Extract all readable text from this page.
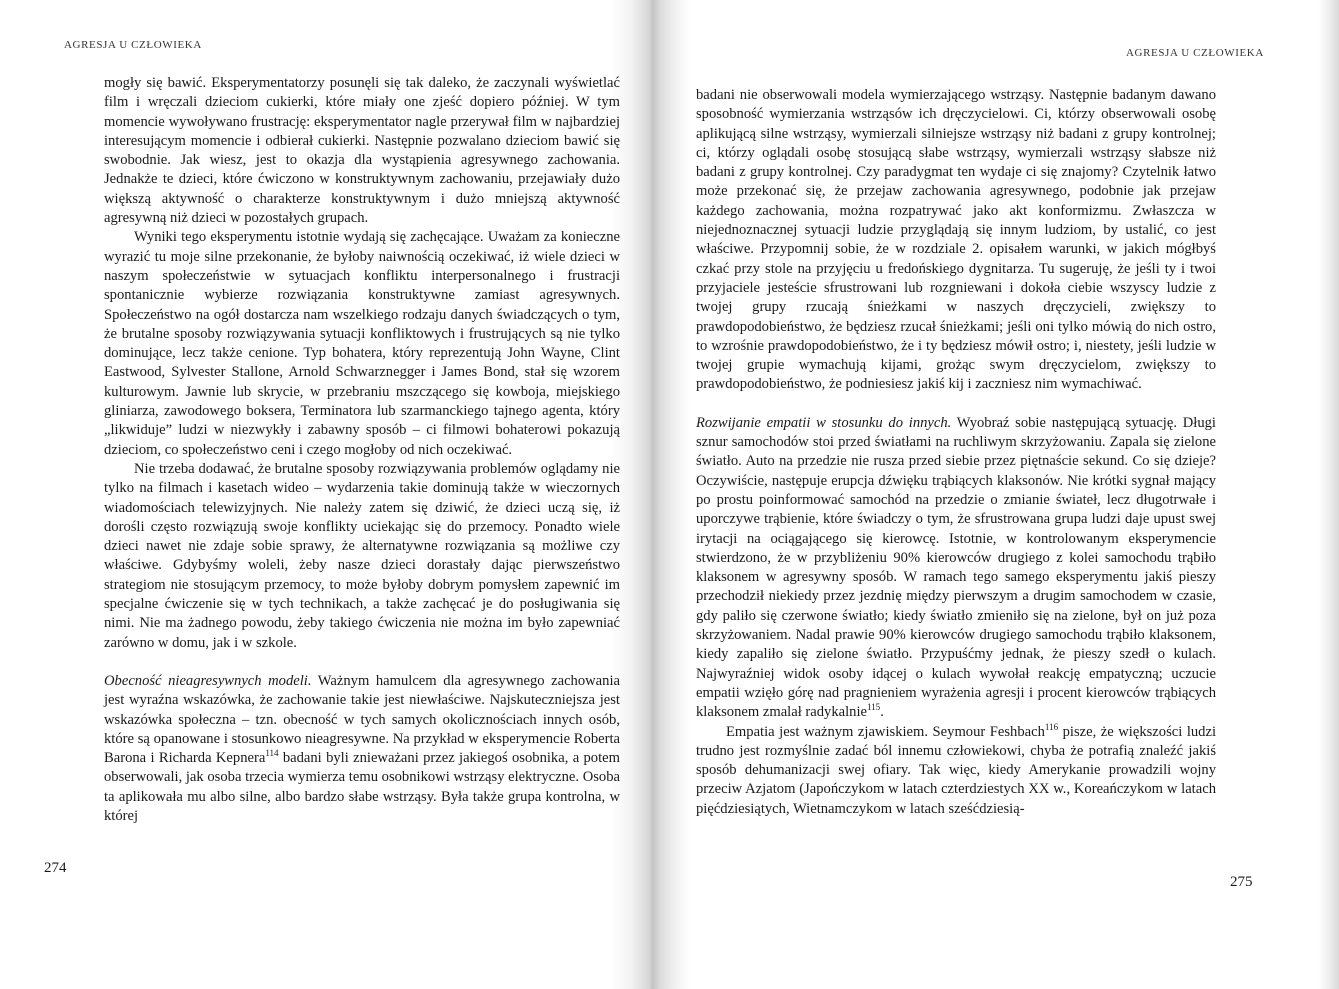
AGRESJA U CZŁOWIEKA

mogły się bawić. Eksperymentatorzy posunęli się tak daleko, że zaczynali wyświetlać film i wręczali dzieciom cukierki, które miały one zjeść dopiero później. W tym momencie wywoływano frustrację: eksperymentator nagle przerywał film w najbardziej interesującym momencie i odbierał cukierki. Następnie pozwalano dzieciom bawić się swobodnie. Jak wiesz, jest to okazja dla wystąpienia agresywnego zachowania. Jednakże te dzieci, które ćwiczono w konstruktywnym zachowaniu, przejawiały dużo większą aktywność o charakterze konstruktywnym i dużo mniejszą aktywność agresywną niż dzieci w pozostałych grupach.

Wyniki tego eksperymentu istotnie wydają się zachęcające. Uważam za konieczne wyrazić tu moje silne przekonanie, że byłoby naiwnością oczekiwać, iż wiele dzieci w naszym społeczeństwie w sytuacjach konfliktu interpersonalnego i frustracji spontanicznie wybierze rozwiązania konstruktywne zamiast agresywnych. Społeczeństwo na ogół dostarcza nam wszelkiego rodzaju danych świadczących o tym, że brutalne sposoby rozwiązywania sytuacji konfliktowych i frustrujących są nie tylko dominujące, lecz także cenione. Typ bohatera, który reprezentują John Wayne, Clint Eastwood, Sylvester Stallone, Arnold Schwarznegger i James Bond, stał się wzorem kulturowym. Jawnie lub skrycie, w przebraniu mszczącego się kowboja, miejskiego gliniarza, zawodowego boksera, Terminatora lub szarmanckiego tajnego agenta, który „likwiduje” ludzi w niezwykły i zabawny sposób – ci filmowi bohaterowi pokazują dzieciom, co społeczeństwo ceni i czego mogłoby od nich oczekiwać.

Nie trzeba dodawać, że brutalne sposoby rozwiązywania problemów oglądamy nie tylko na filmach i kasetach wideo – wydarzenia takie dominują także w wieczornych wiadomościach telewizyjnych. Nie należy zatem się dziwić, że dzieci uczą się, iż dorośli często rozwiązują swoje konflikty uciekając się do przemocy. Ponadto wiele dzieci nawet nie zdaje sobie sprawy, że alternatywne rozwiązania są możliwe czy właściwe. Gdybyśmy woleli, żeby nasze dzieci dorastały dając pierwszeństwo strategiom nie stosującym przemocy, to może byłoby dobrym pomysłem zapewnić im specjalne ćwiczenie się w tych technikach, a także zachęcać je do posługiwania się nimi. Nie ma żadnego powodu, żeby takiego ćwiczenia nie można im było zapewniać zarówno w domu, jak i w szkole.

Obecność nieagresywnych modeli. Ważnym hamulcem dla agresywnego zachowania jest wyraźna wskazówka, że zachowanie takie jest niewłaściwe. Najskuteczniejsza jest wskazówka społeczna – tzn. obecność w tych samych okolicznościach innych osób, które są opanowane i stosunkowo nieagresywne. Na przykład w eksperymencie Roberta Barona i Richarda Kepnera$^{114}$ badani byli znieważani przez jakiegoś osobnika, a potem obserwowali, jak osoba trzecia wymierza temu osobnikowi wstrząsy elektryczne. Osoba ta aplikowała mu albo silne, albo bardzo słabe wstrząsy. Była także grupa kontrolna, w której

274
AGRESJA U CZŁOWIEKA

badani nie obserwowali modela wymierzającego wstrząsy. Następnie badanym dawano sposobność wymierzania wstrząsów ich dręczycielowi. Ci, którzy obserwowali osobę aplikującą silne wstrząsy, wymierzali silniejsze wstrząsy niż badani z grupy kontrolnej; ci, którzy oglądali osobę stosującą słabe wstrząsy, wymierzali wstrząsy słabsze niż badani z grupy kontrolnej. Czy paradygmat ten wydaje ci się znajomy? Czytelnik łatwo może przekonać się, że przejaw zachowania agresywnego, podobnie jak przejaw każdego zachowania, można rozpatrywać jako akt konformizmu. Zwłaszcza w niejednoznacznej sytuacji ludzie przyglądają się innym ludziom, by ustalić, co jest właściwe. Przypomnij sobie, że w rozdziale 2. opisałem warunki, w jakich mógłbyś czkać przy stole na przyjęciu u fredońskiego dygnitarza. Tu sugeruję, że jeśli ty i twoi przyjaciele jesteście sfrustrowani lub rozgniewani i dokoła ciebie wszyscy ludzie z twojej grupy rzucają śnieżkami w naszych dręczycieli, zwiększy to prawdopodobieństwo, że będziesz rzucał śnieżkami; jeśli oni tylko mówią do nich ostro, to wzrośnie prawdopodobieństwo, że i ty będziesz mówił ostro; i, niestety, jeśli ludzie w twojej grupie wymachują kijami, grożąc swym dręczycielom, zwiększy to prawdopodobieństwo, że podniesiesz jakiś kij i zaczniesz nim wymachiwać.

Rozwijanie empatii w stosunku do innych. Wyobraź sobie następującą sytuację. Długi sznur samochodów stoi przed światłami na ruchliwym skrzyżowaniu. Zapala się zielone światło. Auto na przedzie nie rusza przed siebie przez piętnaście sekund. Co się dzieje? Oczywiście, następuje erupcja dźwięku trąbiących klaksonów. Nie krótki sygnał mający po prostu poinformować samochód na przedzie o zmianie świateł, lecz długotrwałe i uporczywe trąbienie, które świadczy o tym, że sfrustrowana grupa ludzi daje upust swej irytacji na ociągającego się kierowcę. Istotnie, w kontrolowanym eksperymencie stwierdzono, że w przybliżeniu 90% kierowców drugiego z kolei samochodu trąbiło klaksonem w agresywny sposób. W ramach tego samego eksperymentu jakiś pieszy przechodził niekiedy przez jezdnię między pierwszym a drugim samochodem w czasie, gdy paliło się czerwone światło; kiedy światło zmieniło się na zielone, był on już poza skrzyżowaniem. Nadal prawie 90% kierowców drugiego samochodu trąbiło klaksonem, kiedy zapaliło się zielone światło. Przypuśćmy jednak, że pieszy szedł o kulach. Najwyraźniej widok osoby idącej o kulach wywołał reakcję empatyczną; uczucie empatii wzięło górę nad pragnieniem wyrażenia agresji i procent kierowców trąbiących klaksonem zmalał radykalnie$^{115}$.

Empatia jest ważnym zjawiskiem. Seymour Feshbach$^{116}$ pisze, że większości ludzi trudno jest rozmyślnie zadać ból innemu człowiekowi, chyba że potrafią znaleźć jakiś sposób dehumanizacji swej ofiary. Tak więc, kiedy Amerykanie prowadzili wojny przeciw Azjatom (Japończykom w latach czterdziestych XX w., Koreańczykom w latach pięćdziesiątych, Wietnamczykom w latach sześćdziesią-

275
